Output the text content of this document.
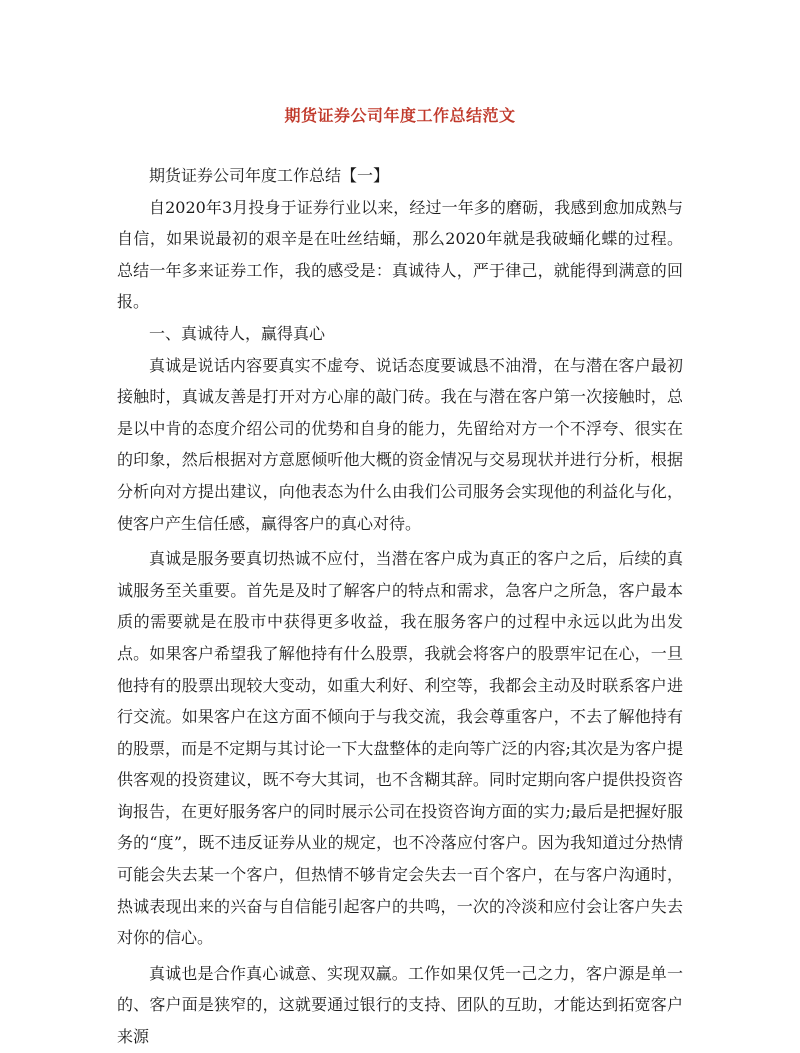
期货证券公司年度工作总结范文

期货证券公司年度工作总结【一】

自2020年3月投身于证券行业以来，经过一年多的磨砺，我感到愈加成熟与自信，如果说最初的艰辛是在吐丝结蛹，那么2020年就是我破蛹化蝶的过程。总结一年多来证券工作，我的感受是：真诚待人，严于律己，就能得到满意的回报。

一、真诚待人，赢得真心

真诚是说话内容要真实不虚夸、说话态度要诚恳不油滑，在与潜在客户最初接触时，真诚友善是打开对方心扉的敲门砖。我在与潜在客户第一次接触时，总是以中肯的态度介绍公司的优势和自身的能力，先留给对方一个不浮夸、很实在的印象，然后根据对方意愿倾听他大概的资金情况与交易现状并进行分析，根据分析向对方提出建议，向他表态为什么由我们公司服务会实现他的利益化与化，使客户产生信任感，赢得客户的真心对待。

真诚是服务要真切热诚不应付，当潜在客户成为真正的客户之后，后续的真诚服务至关重要。首先是及时了解客户的特点和需求，急客户之所急，客户最本质的需要就是在股市中获得更多收益，我在服务客户的过程中永远以此为出发点。如果客户希望我了解他持有什么股票，我就会将客户的股票牢记在心，一旦他持有的股票出现较大变动，如重大利好、利空等，我都会主动及时联系客户进行交流。如果客户在这方面不倾向于与我交流，我会尊重客户，不去了解他持有的股票，而是不定期与其讨论一下大盘整体的走向等广泛的内容;其次是为客户提供客观的投资建议，既不夸大其词，也不含糊其辞。同时定期向客户提供投资咨询报告，在更好服务客户的同时展示公司在投资咨询方面的实力;最后是把握好服务的“度”，既不违反证券从业的规定，也不冷落应付客户。因为我知道过分热情可能会失去某一个客户，但热情不够肯定会失去一百个客户，在与客户沟通时，热诚表现出来的兴奋与自信能引起客户的共鸣，一次的冷淡和应付会让客户失去对你的信心。

真诚也是合作真心诚意、实现双赢。工作如果仅凭一己之力，客户源是单一的、客户面是狭窄的，这就要通过银行的支持、团队的互助，才能达到拓宽客户来源
